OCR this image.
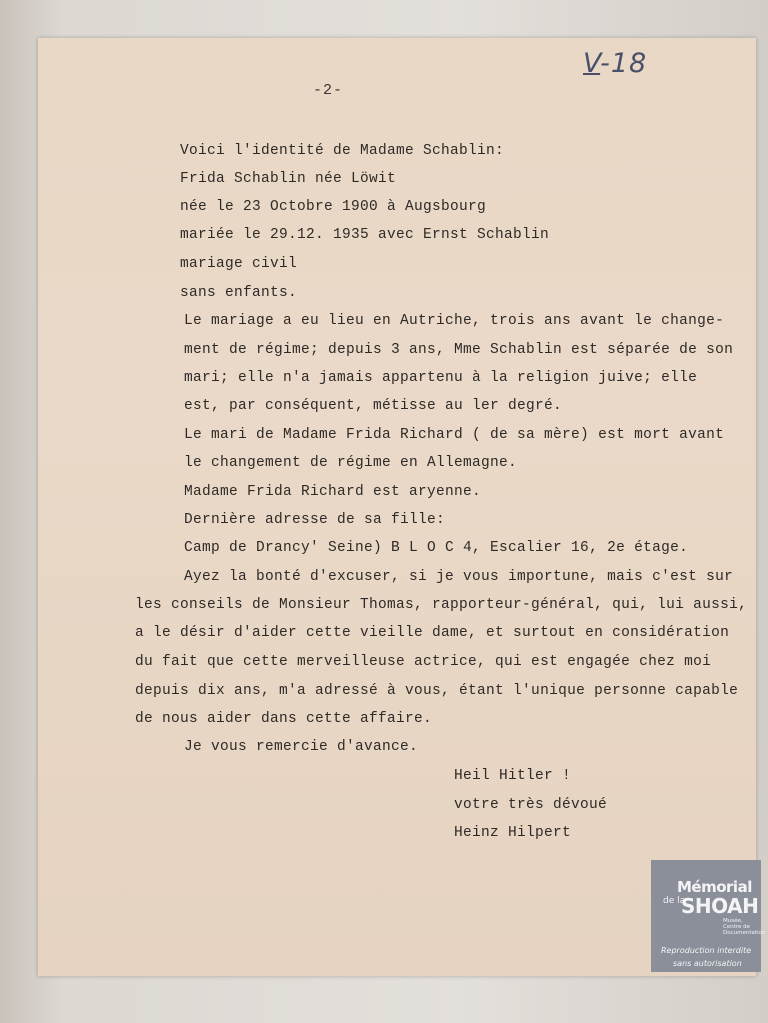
-2-
V-18
Voici l'identité de Madame Schablin:
Frida Schablin née Löwit
née le 23 Octobre 1900 à Augsbourg
mariée le 29.12. 1935 avec Ernst Schablin
mariage civil
sans enfants.
Le mariage a eu lieu en Autriche, trois ans avant le change-
ment de régime; depuis 3 ans, Mme Schablin est séparée de son
mari; elle n'a jamais appartenu à la religion juive; elle
est, par conséquent, métisse au ler degré.
Le mari de Madame Frida Richard ( de sa mère) est mort avant
le changement de régime en Allemagne.
Madame Frida Richard est aryenne.
Dernière adresse de sa fille:
Camp de Drancy' Seine) B L O C 4, Escalier 16, 2e étage.
Ayez la bonté d'excuser, si je vous importune, mais c'est sur
les conseils de Monsieur Thomas, rapporteur-général, qui, lui aussi,
a le désir d'aider cette vieille dame, et surtout en considération
du fait que cette merveilleuse actrice, qui est engagée chez moi
depuis dix ans, m'a adressé à vous, étant l'unique personne capable
de nous aider dans cette affaire.
Je vous remercie d'avance.
Heil Hitler !
votre très dévoué
Heinz Hilpert
Mémorial
de la
SHOAH
Musée, Centre de Documentation
Reproduction interdite
sans autorisation
